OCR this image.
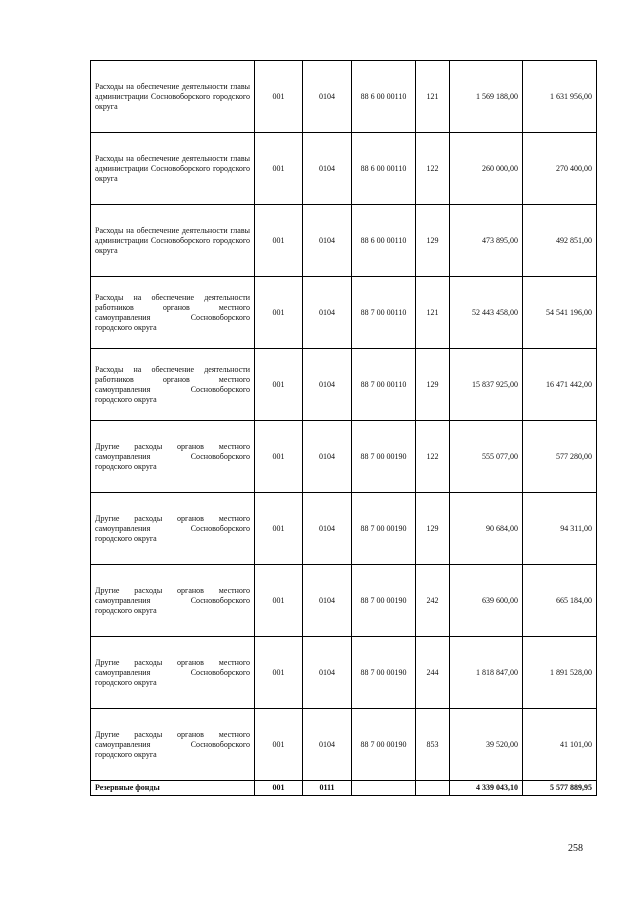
Расходы на обеспечение деятельности главы администрации Сосновоборского городского округа	001	0104	88 6 00 00110	121	1 569 188,00	1 631 956,00
Расходы на обеспечение деятельности главы администрации Сосновоборского городского округа	001	0104	88 6 00 00110	122	260 000,00	270 400,00
Расходы на обеспечение деятельности главы администрации Сосновоборского городского округа	001	0104	88 6 00 00110	129	473 895,00	492 851,00
Расходы на обеспечение деятельности работников органов местного самоуправления Сосновоборского городского округа	001	0104	88 7 00 00110	121	52 443 458,00	54 541 196,00
Расходы на обеспечение деятельности работников органов местного самоуправления Сосновоборского городского округа	001	0104	88 7 00 00110	129	15 837 925,00	16 471 442,00
Другие расходы органов местного самоуправления Сосновоборского городского округа	001	0104	88 7 00 00190	122	555 077,00	577 280,00
Другие расходы органов местного самоуправления Сосновоборского городского округа	001	0104	88 7 00 00190	129	90 684,00	94 311,00
Другие расходы органов местного самоуправления Сосновоборского городского округа	001	0104	88 7 00 00190	242	639 600,00	665 184,00
Другие расходы органов местного самоуправления Сосновоборского городского округа	001	0104	88 7 00 00190	244	1 818 847,00	1 891 528,00
Другие расходы органов местного самоуправления Сосновоборского городского округа	001	0104	88 7 00 00190	853	39 520,00	41 101,00
Резервные фонды	001	0111			4 339 043,10	5 577 889,95
258
